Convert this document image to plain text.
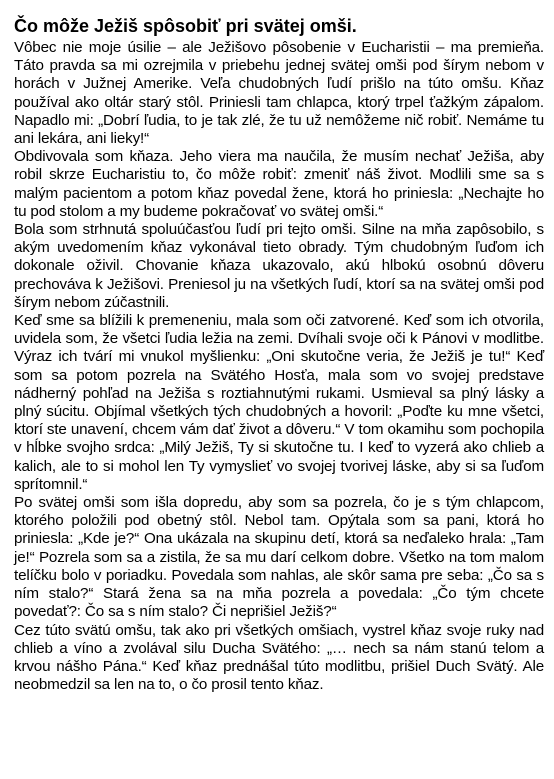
Čo môže Ježiš spôsobiť pri svätej omši.

Vôbec nie moje úsilie – ale Ježišovo pôsobenie v Eucharistii – ma premieňa. Táto pravda sa mi ozrejmila v priebehu jednej svätej omši pod šírym nebom v horách v Južnej Amerike. Veľa chudobných ľudí prišlo na túto omšu. Kňaz používal ako oltár starý stôl. Priniesli tam chlapca, ktorý trpel ťažkým zápalom. Napadlo mi: „Dobrí ľudia, to je tak zlé, že tu už nemôžeme nič robiť. Nemáme tu ani lekára, ani lieky!“

Obdivovala som kňaza. Jeho viera ma naučila, že musím nechať Ježiša, aby robil skrze Eucharistiu to, čo môže robiť: zmeniť náš život. Modlili sme sa s malým pacientom a potom kňaz povedal žene, ktorá ho priniesla: „Nechajte ho tu pod stolom a my budeme pokračovať vo svätej omši.“

Bola som strhnutá spoluúčasťou ľudí pri tejto omši. Silne na mňa zapôsobilo, s akým uvedomením kňaz vykonával tieto obrady. Tým chudobným ľuďom ich dokonale oživil. Chovanie kňaza ukazovalo, akú hlbokú osobnú dôveru prechováva k Ježišovi. Preniesol ju na všetkých ľudí, ktorí sa na svätej omši pod šírym nebom zúčastnili.

Keď sme sa blížili k premeneniu, mala som oči zatvorené. Keď som ich otvorila, uvidela som, že všetci ľudia ležia na zemi. Dvíhali svoje oči k Pánovi v modlitbe. Výraz ich tvárí mi vnukol myšlienku: „Oni skutočne veria, že Ježiš je tu!“ Keď som sa potom pozrela na Svätého Hosťa, mala som vo svojej predstave nádherný pohľad na Ježiša s roztiahnutými rukami. Usmieval sa plný lásky a plný súcitu. Objímal všetkých tých chudobných a hovoril: „Poďte ku mne všetci, ktorí ste unavení, chcem vám dať život a dôveru.“ V tom okamihu som pochopila v hĺbke svojho srdca: „Milý Ježiš, Ty si skutočne tu. I keď to vyzerá ako chlieb a kalich, ale to si mohol len Ty vymyslieť vo svojej tvorivej láske, aby si sa ľuďom sprítomnil.“

Po svätej omši som išla dopredu, aby som sa pozrela, čo je s tým chlapcom, ktorého položili pod obetný stôl. Nebol tam. Opýtala som sa pani, ktorá ho priniesla: „Kde je?“ Ona ukázala na skupinu detí, ktorá sa neďaleko hrala: „Tam je!“ Pozrela som sa a zistila, že sa mu darí celkom dobre. Všetko na tom malom telíčku bolo v poriadku. Povedala som nahlas, ale skôr sama pre seba: „Čo sa s ním stalo?“ Stará žena sa na mňa pozrela a povedala: „Čo tým chcete povedať?: Čo sa s ním stalo? Či neprišiel Ježiš?“

Cez túto svätú omšu, tak ako pri všetkých omšiach, vystrel kňaz svoje ruky nad chlieb a víno a zvolával silu Ducha Svätého: „… nech sa nám stanú telom a krvou nášho Pána.“ Keď kňaz prednášal túto modlitbu, prišiel Duch Svätý. Ale neobmedzil sa len na to, o čo prosil tento kňaz.
